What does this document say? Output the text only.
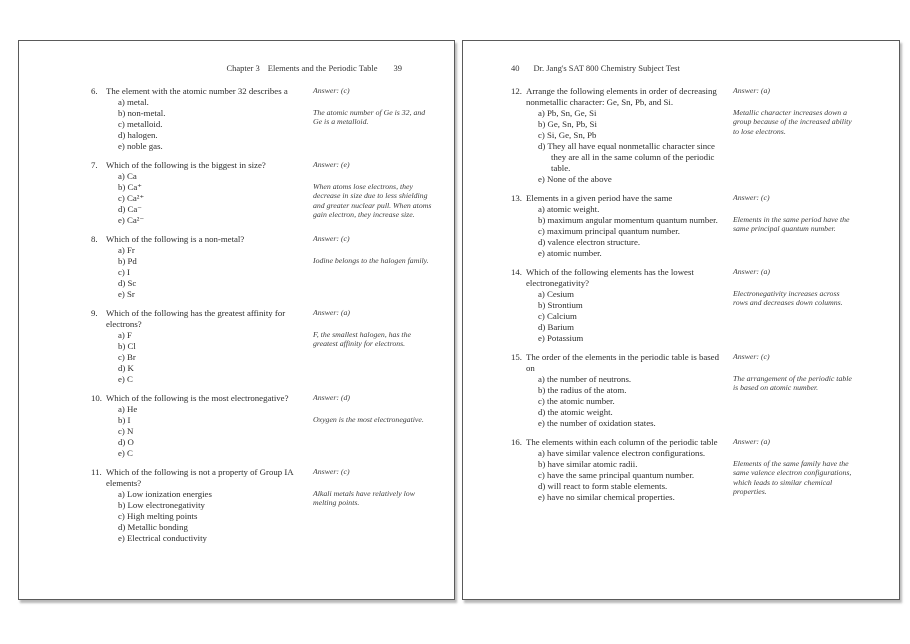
Chapter 3 Elements and the Periodic Table 39
6. The element with the atomic number 32 describes a
a) metal.
b) non-metal.
c) metalloid.
d) halogen.
e) noble gas.
Answer: (c)
The atomic number of Ge is 32, and Ge is a metalloid.
7. Which of the following is the biggest in size?
a) Ca
b) Ca⁺
c) Ca²⁺
d) Ca⁻
e) Ca²⁻
Answer: (e)
When atoms lose electrons, they decrease in size due to less shielding and greater nuclear pull. When atoms gain electron, they increase size.
8. Which of the following is a non-metal?
a) Fr
b) Pd
c) I
d) Sc
e) Sr
Answer: (c)
Iodine belongs to the halogen family.
9. Which of the following has the greatest affinity for electrons?
a) F
b) Cl
c) Br
d) K
e) C
Answer: (a)
F, the smallest halogen, has the greatest affinity for electrons.
10. Which of the following is the most electronegative?
a) He
b) I
c) N
d) O
e) C
Answer: (d)
Oxygen is the most electronegative.
11. Which of the following is not a property of Group IA elements?
a) Low ionization energies
b) Low electronegativity
c) High melting points
d) Metallic bonding
e) Electrical conductivity
Answer: (c)
Alkali metals have relatively low melting points.
40 Dr. Jang's SAT 800 Chemistry Subject Test
12. Arrange the following elements in order of decreasing nonmetallic character: Ge, Sn, Pb, and Si.
a) Pb, Sn, Ge, Si
b) Ge, Sn, Pb, Si
c) Si, Ge, Sn, Pb
d) They all have equal nonmetallic character since they are all in the same column of the periodic table.
e) None of the above
Answer: (a)
Metallic character increases down a group because of the increased ability to lose electrons.
13. Elements in a given period have the same
a) atomic weight.
b) maximum angular momentum quantum number.
c) maximum principal quantum number.
d) valence electron structure.
e) atomic number.
Answer: (c)
Elements in the same period have the same principal quantum number.
14. Which of the following elements has the lowest electronegativity?
a) Cesium
b) Strontium
c) Calcium
d) Barium
e) Potassium
Answer: (a)
Electronegativity increases across rows and decreases down columns.
15. The order of the elements in the periodic table is based on
a) the number of neutrons.
b) the radius of the atom.
c) the atomic number.
d) the atomic weight.
e) the number of oxidation states.
Answer: (c)
The arrangement of the periodic table is based on atomic number.
16. The elements within each column of the periodic table
a) have similar valence electron configurations.
b) have similar atomic radii.
c) have the same principal quantum number.
d) will react to form stable elements.
e) have no similar chemical properties.
Answer: (a)
Elements of the same family have the same valence electron configurations, which leads to similar chemical properties.
